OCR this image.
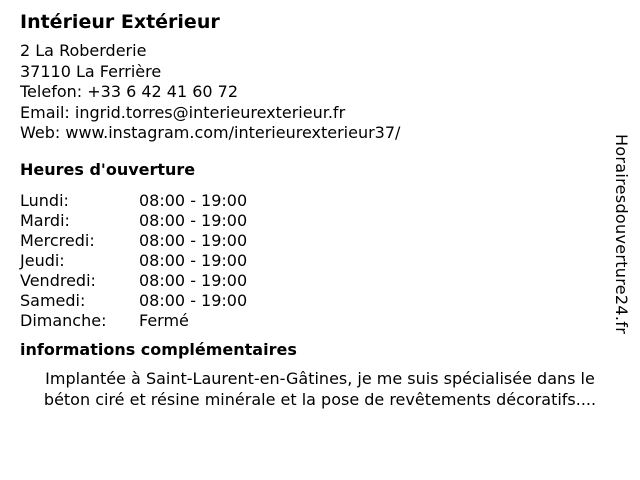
Intérieur Extérieur
2 La Roberderie
37110 La Ferrière
Telefon: +33 6 42 41 60 72
Email: ingrid.torres@interieurexterieur.fr
Web: www.instagram.com/interieurexterieur37/
Heures d'ouverture
Lundi:	08:00 - 19:00
Mardi:	08:00 - 19:00
Mercredi:	08:00 - 19:00
Jeudi:	08:00 - 19:00
Vendredi:	08:00 - 19:00
Samedi:	08:00 - 19:00
Dimanche:	Fermé
informations complémentaires
Implantée à Saint-Laurent-en-Gâtines, je me suis spécialisée dans le
béton ciré et résine minérale et la pose de revêtements décoratifs....
Horairesdouverture24.fr
